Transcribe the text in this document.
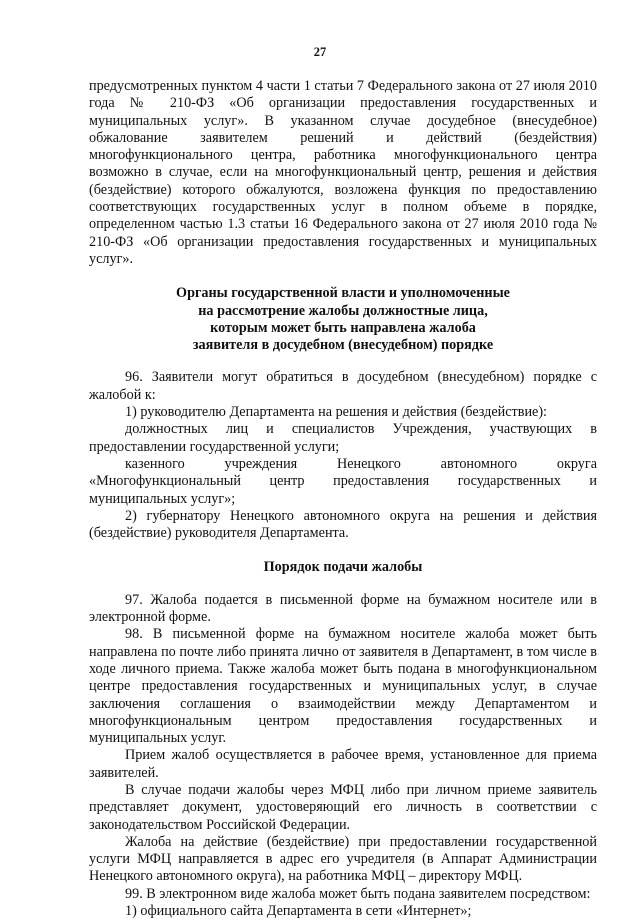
27

предусмотренных пунктом 4 части 1 статьи 7 Федерального закона от 27 июля 2010 года № 210-ФЗ «Об организации предоставления государственных и муниципальных услуг». В указанном случае досудебное (внесудебное) обжалование заявителем решений и действий (бездействия) многофункционального центра, работника многофункционального центра возможно в случае, если на многофункциональный центр, решения и действия (бездействие) которого обжалуются, возложена функция по предоставлению соответствующих государственных услуг в полном объеме в порядке, определенном частью 1.3 статьи 16 Федерального закона от 27 июля 2010 года № 210-ФЗ «Об организации предоставления государственных и муниципальных услуг».

Органы государственной власти и уполномоченные
на рассмотрение жалобы должностные лица,
которым может быть направлена жалоба
заявителя в досудебном (внесудебном) порядке

96. Заявители могут обратиться в досудебном (внесудебном) порядке с жалобой к:

1) руководителю Департамента на решения и действия (бездействие):

должностных лиц и специалистов Учреждения, участвующих в предоставлении государственной услуги;

казенного учреждения Ненецкого автономного округа «Многофункциональный центр предоставления государственных и муниципальных услуг»;

2) губернатору Ненецкого автономного округа на решения и действия (бездействие) руководителя Департамента.

Порядок подачи жалобы

97. Жалоба подается в письменной форме на бумажном носителе или в электронной форме.

98. В письменной форме на бумажном носителе жалоба может быть направлена по почте либо принята лично от заявителя в Департамент, в том числе в ходе личного приема. Также жалоба может быть подана в многофункциональном центре предоставления государственных и муниципальных услуг, в случае заключения соглашения о взаимодействии между Департаментом и многофункциональным центром предоставления государственных и муниципальных услуг.

Прием жалоб осуществляется в рабочее время, установленное для приема заявителей.

В случае подачи жалобы через МФЦ либо при личном приеме заявитель представляет документ, удостоверяющий его личность в соответствии с законодательством Российской Федерации.

Жалоба на действие (бездействие) при предоставлении государственной услуги МФЦ направляется в адрес его учредителя (в Аппарат Администрации Ненецкого автономного округа), на работника МФЦ – директору МФЦ.

99. В электронном виде жалоба может быть подана заявителем посредством:

1) официального сайта Департамента в сети «Интернет»;
